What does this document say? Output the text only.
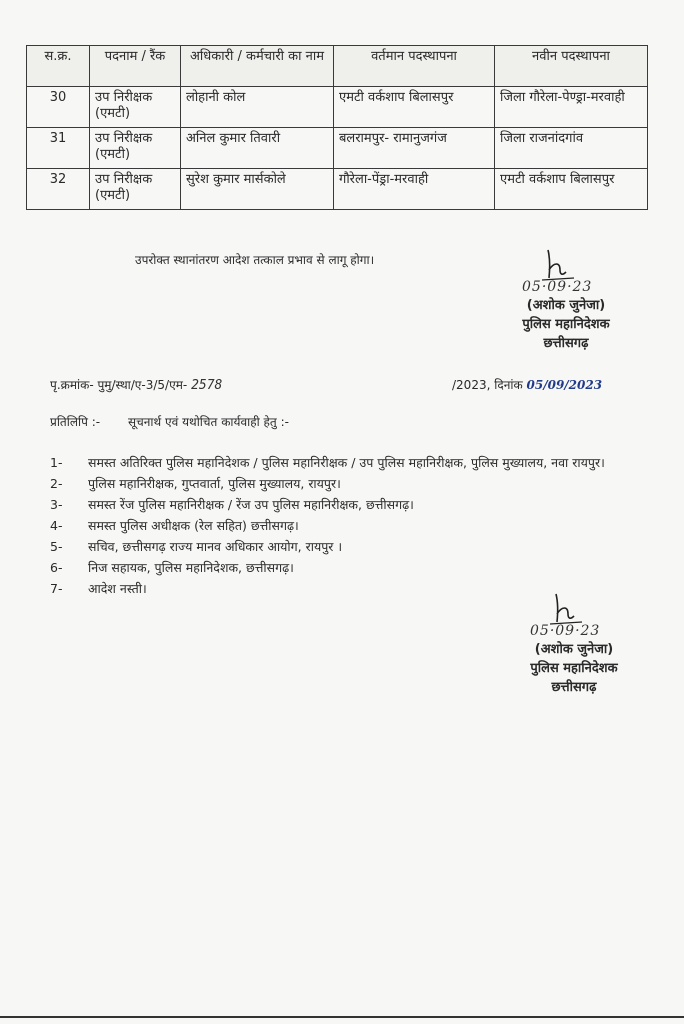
स.क्र.	पदनाम / रैंक	अधिकारी / कर्मचारी का नाम	वर्तमान पदस्थापना	नवीन पदस्थापना
30	उप निरीक्षक (एमटी)	लोहानी कोल	एमटी वर्कशाप बिलासपुर	जिला गौरेला-पेण्ड्रा-मरवाही
31	उप निरीक्षक (एमटी)	अनिल कुमार तिवारी	बलरामपुर- रामानुजगंज	जिला राजनांदगांव
32	उप निरीक्षक (एमटी)	सुरेश कुमार मार्सकोले	गौरेला-पेंड्रा-मरवाही	एमटी वर्कशाप बिलासपुर
उपरोक्त स्थानांतरण आदेश तत्काल प्रभाव से लागू होगा।
05·09·23
(अशोक जुनेजा)
पुलिस महानिदेशक
छत्तीसगढ़
पृ.क्रमांक- पुमु/स्था/ए-3/5/एम- 2578	/2023, दिनांक 05/09/2023
प्रतिलिपि :- सूचनार्थ एवं यथोचित कार्यवाही हेतु :-
1-	समस्त अतिरिक्त पुलिस महानिदेशक / पुलिस महानिरीक्षक / उप पुलिस महानिरीक्षक, पुलिस मुख्यालय, नवा रायपुर।
2-	पुलिस महानिरीक्षक, गुप्तवार्ता, पुलिस मुख्यालय, रायपुर।
3-	समस्त रेंज पुलिस महानिरीक्षक / रेंज उप पुलिस महानिरीक्षक, छत्तीसगढ़।
4-	समस्त पुलिस अधीक्षक (रेल सहित) छत्तीसगढ़।
5-	सचिव, छत्तीसगढ़ राज्य मानव अधिकार आयोग, रायपुर ।
6-	निज सहायक, पुलिस महानिदेशक, छत्तीसगढ़।
7-	आदेश नस्ती।
05·09·23
(अशोक जुनेजा)
पुलिस महानिदेशक
छत्तीसगढ़
